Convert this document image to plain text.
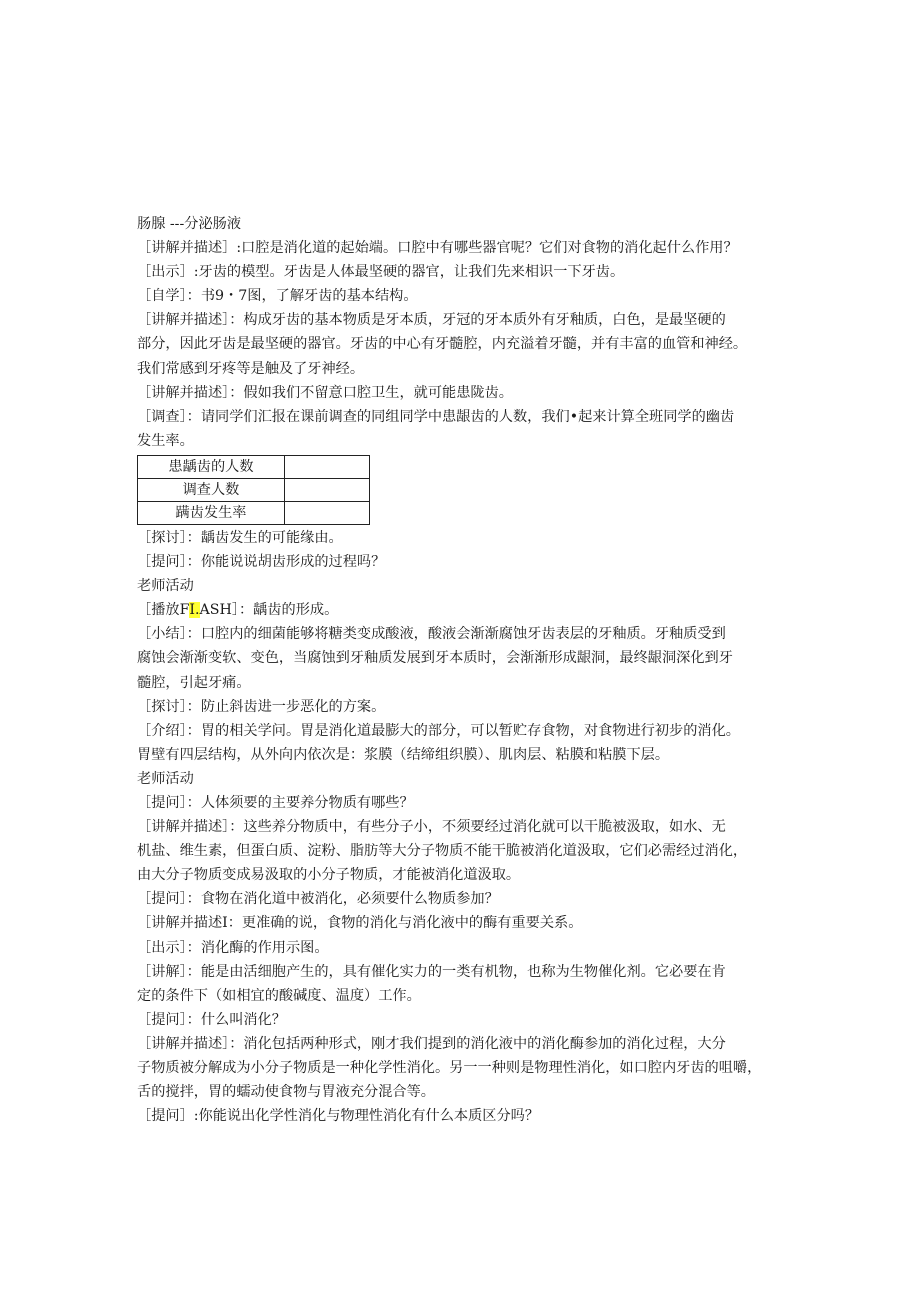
肠腺 ---分泌肠液
［讲解并描述］:口腔是消化道的起始端。口腔中有哪些器官呢？它们对食物的消化起什么作用？
［出示］:牙齿的模型。牙齿是人体最坚硬的器官，让我们先来相识一下牙齿。
［自学］：书9・7图，了解牙齿的基本结构。
［讲解并描述］：构成牙齿的基本物质是牙本质，牙冠的牙本质外有牙釉质，白色，是最坚硬的
部分，因此牙齿是最坚硬的器官。牙齿的中心有牙髓腔，内充溢着牙髓，并有丰富的血管和神经。
我们常感到牙疼等是触及了牙神经。
［讲解并描述］：假如我们不留意口腔卫生，就可能患陇齿。
［调查］：请同学们汇报在课前调查的同组同学中患龈齿的人数，我们•起来计算全班同学的幽齿
发生率。
患龋齿的人数	
调查人数	
蹒齿发生率	
［探讨］：龋齿发生的可能缘由。
［提问］：你能说说胡齿形成的过程吗？
老师活动
［播放FI.ASH］：龋齿的形成。
［小结］：口腔内的细菌能够将糖类变成酸液，酸液会渐渐腐蚀牙齿表层的牙釉质。牙釉质受到
腐蚀会渐渐变软、变色，当腐蚀到牙釉质发展到牙本质时，会渐渐形成龈洞，最终龈洞深化到牙
髓腔，引起牙痛。
［探讨］：防止斜齿进一步恶化的方案。
［介绍］：胃的相关学问。胃是消化道最膨大的部分，可以暂贮存食物，对食物进行初步的消化。
胃壁有四层结构，从外向内依次是：浆膜（结缔组织膜）、肌肉层、粘膜和粘膜下层。
老师活动
［提问］：人体须要的主要养分物质有哪些？
［讲解并描述］：这些养分物质中，有些分子小，不须要经过消化就可以干脆被汲取，如水、无
机盐、维生素，但蛋白质、淀粉、脂肪等大分子物质不能干脆被消化道汲取，它们必需经过消化，
由大分子物质变成易汲取的小分子物质，才能被消化道汲取。
［提问］：食物在消化道中被消化，必须要什么物质参加？
［讲解并描述I：更准确的说，食物的消化与消化液中的酶有重要关系。
［出示］：消化酶的作用示图。
［讲解］：能是由活细胞产生的，具有催化实力的一类有机物，也称为生物催化剂。它必要在肯
定的条件下（如相宜的酸碱度、温度）工作。
［提问］：什么叫消化？
［讲解并描述］：消化包括两种形式，刚才我们提到的消化液中的消化酶参加的消化过程，大分
子物质被分解成为小分子物质是一种化学性消化。另一一种则是物理性消化，如口腔内牙齿的咀嚼，
舌的搅拌，胃的蠕动使食物与胃液充分混合等。
［提问］:你能说出化学性消化与物理性消化有什么本质区分吗？
